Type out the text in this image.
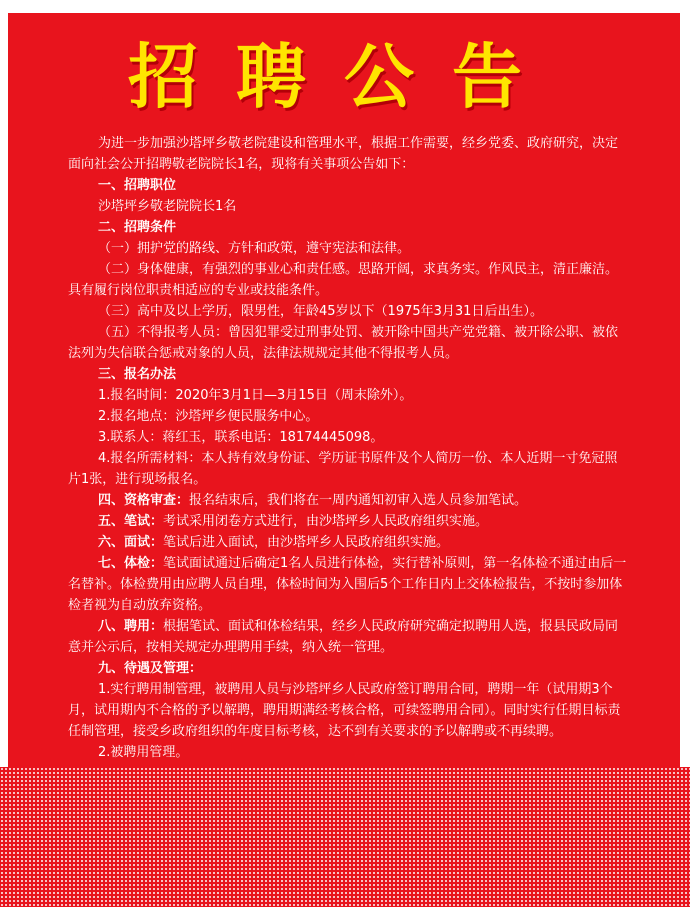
招聘公告

为进一步加强沙塔坪乡敬老院建设和管理水平，根据工作需要，经乡党委、政府研究，决定面向社会公开招聘敬老院院长1名，现将有关事项公告如下：

一、招聘职位

沙塔坪乡敬老院院长1名

二、招聘条件

（一）拥护党的路线、方针和政策，遵守宪法和法律。

（二）身体健康，有强烈的事业心和责任感。思路开阔，求真务实。作风民主，清正廉洁。具有履行岗位职责相适应的专业或技能条件。

（三）高中及以上学历，限男性，年龄45岁以下（1975年3月31日后出生）。

（五）不得报考人员：曾因犯罪受过刑事处罚、被开除中国共产党党籍、被开除公职、被依法列为失信联合惩戒对象的人员，法律法规规定其他不得报考人员。

三、报名办法

1.报名时间：2020年3月1日—3月15日（周末除外）。

2.报名地点：沙塔坪乡便民服务中心。

3.联系人：蒋红玉，联系电话：18174445098。

4.报名所需材料：本人持有效身份证、学历证书原件及个人简历一份、本人近期一寸免冠照片1张，进行现场报名。

四、资格审查：报名结束后，我们将在一周内通知初审入选人员参加笔试。

五、笔试：考试采用闭卷方式进行，由沙塔坪乡人民政府组织实施。

六、面试：笔试后进入面试，由沙塔坪乡人民政府组织实施。

七、体检：笔试面试通过后确定1名人员进行体检，实行替补原则，第一名体检不通过由后一名替补。体检费用由应聘人员自理，体检时间为入围后5个工作日内上交体检报告，不按时参加体检者视为自动放弃资格。

八、聘用：根据笔试、面试和体检结果，经乡人民政府研究确定拟聘用人选，报县民政局同意并公示后，按相关规定办理聘用手续，纳入统一管理。

九、待遇及管理：

1.实行聘用制管理，被聘用人员与沙塔坪乡人民政府签订聘用合同，聘期一年（试用期3个月，试用期内不合格的予以解聘，聘用期满经考核合格，可续签聘用合同）。同时实行任期目标责任制管理，接受乡政府组织的年度目标考核，达不到有关要求的予以解聘或不再续聘。

2.被聘用管理。
